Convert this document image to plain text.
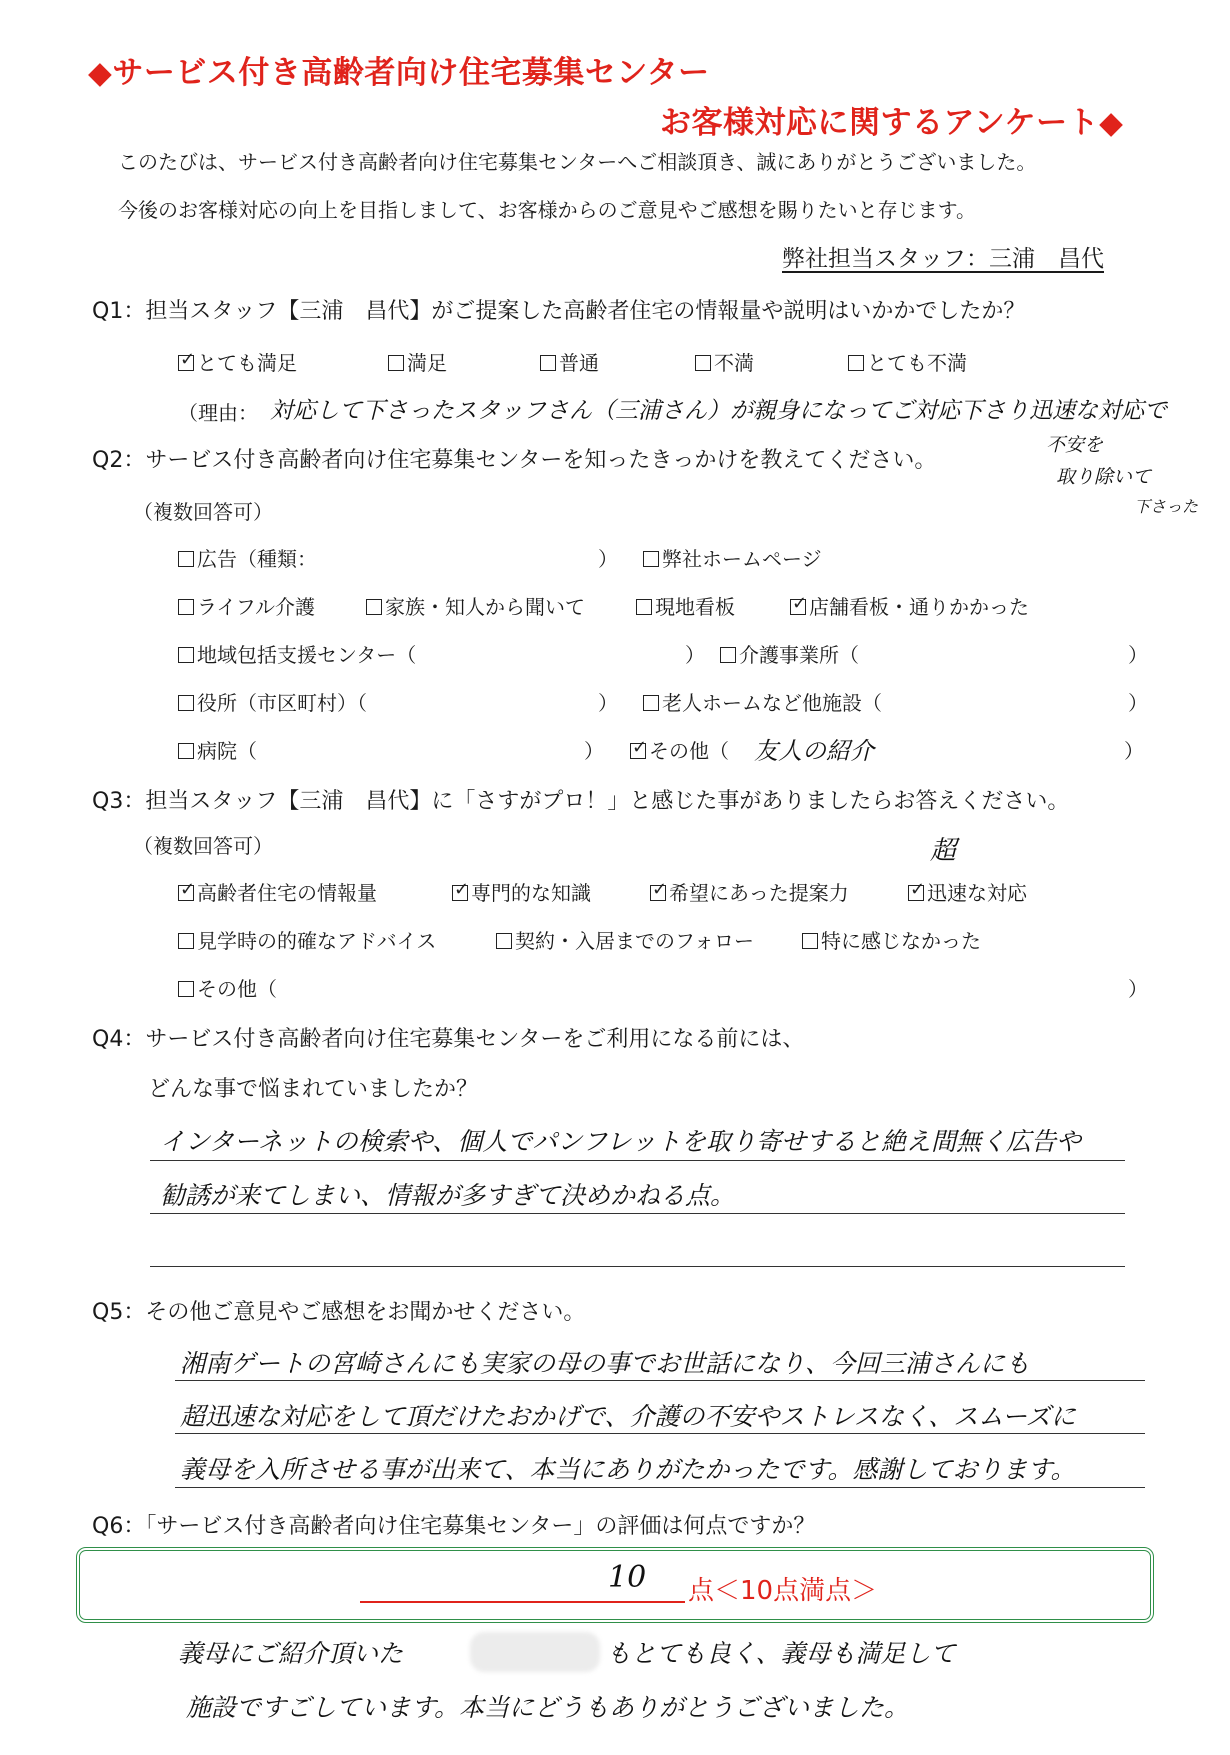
◆サービス付き高齢者向け住宅募集センター
お客様対応に関するアンケート◆
このたびは、サービス付き高齢者向け住宅募集センターへご相談頂き、誠にありがとうございました。
今後のお客様対応の向上を目指しまして、お客様からのご意見やご感想を賜りたいと存じます。
弊社担当スタッフ：三浦　昌代
Q1：担当スタッフ【三浦　昌代】がご提案した高齢者住宅の情報量や説明はいかかでしたか？
✓とても満足	満足	普通	不満	とても不満
（理由： 対応して下さったスタッフさん（三浦さん）が親身になってご対応下さり迅速な対応で
不安を
取り除いて
下さった
Q2：サービス付き高齢者向け住宅募集センターを知ったきっかけを教えてください。
（複数回答可）
広告（種類：	）	弊社ホームページ
ライフル介護	家族・知人から聞いて	現地看板 ✓	店舗看板・通りかかった
地域包括支援センター（	）	介護事業所（	）
役所（市区町村）（	）	老人ホームなど他施設（	）
病院（	） ✓	その他（ 友人の紹介	）
Q3：担当スタッフ【三浦　昌代】に「さすがプロ！」と感じた事がありましたらお答えください。
（複数回答可）	超
✓高齢者住宅の情報量 ✓	専門的な知識 ✓	希望にあった提案力 ✓	迅速な対応
見学時の的確なアドバイス	契約・入居までのフォロー	特に感じなかった
その他（	）
Q4：サービス付き高齢者向け住宅募集センターをご利用になる前には、
どんな事で悩まれていましたか？
インターネットの検索や、個人でパンフレットを取り寄せすると絶え間無く広告や
勧誘が来てしまい、情報が多すぎて決めかねる点。
Q5：その他ご意見やご感想をお聞かせください。
湘南ゲートの宮崎さんにも実家の母の事でお世話になり、今回三浦さんにも
超迅速な対応をして頂だけたおかげで、介護の不安やストレスなく、スムーズに
義母を入所させる事が出来て、本当にありがたかったです。感謝しております。
Q6：「サービス付き高齢者向け住宅募集センター」の評価は何点ですか？
10 点＜10点満点＞
義母にご紹介頂いた	もとても良く、義母も満足して
施設ですごしています。本当にどうもありがとうございました。
